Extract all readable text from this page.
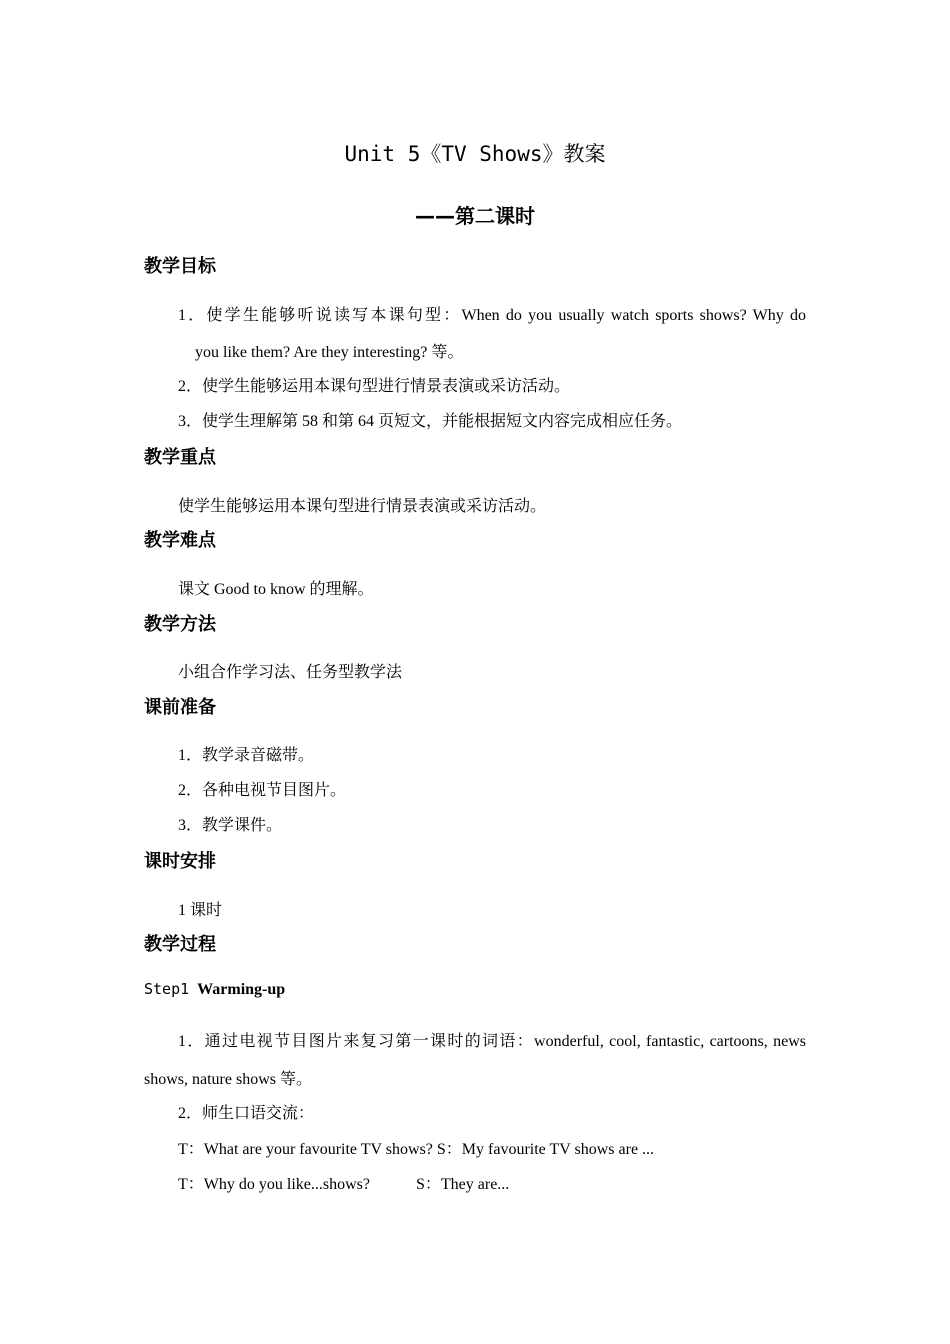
Unit 5《TV Shows》教案
——第二课时
教学目标
1．使学生能够听说读写本课句型：When do you usually watch sports shows? Why do
you like them? Are they interesting? 等。
2．使学生能够运用本课句型进行情景表演或采访活动。
3．使学生理解第 58 和第 64 页短文，并能根据短文内容完成相应任务。
教学重点
使学生能够运用本课句型进行情景表演或采访活动。
教学难点
课文 Good to know 的理解。
教学方法
小组合作学习法、任务型教学法
课前准备
1．教学录音磁带。
2．各种电视节目图片。
3．教学课件。
课时安排
1 课时
教学过程
Step1 Warming-up
1．通过电视节目图片来复习第一课时的词语：wonderful, cool, fantastic, cartoons, news
shows, nature shows 等。
2．师生口语交流：
T：What are your favourite TV shows? S：My favourite TV shows are ...
T：Why do you like...shows?	S：They are...
